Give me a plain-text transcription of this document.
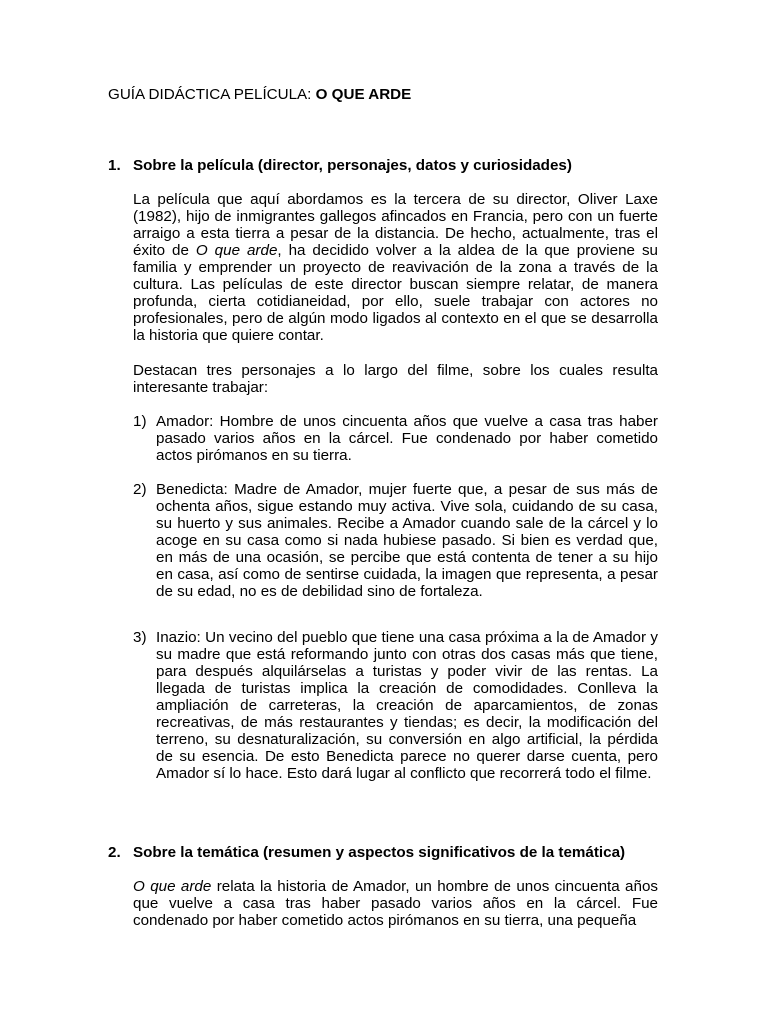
GUÍA DIDÁCTICA PELÍCULA: O QUE ARDE
1. Sobre la película (director, personajes, datos y curiosidades)

La película que aquí abordamos es la tercera de su director, Oliver Laxe (1982), hijo de inmigrantes gallegos afincados en Francia, pero con un fuerte arraigo a esta tierra a pesar de la distancia. De hecho, actualmente, tras el éxito de O que arde, ha decidido volver a la aldea de la que proviene su familia y emprender un proyecto de reavivación de la zona a través de la cultura. Las películas de este director buscan siempre relatar, de manera profunda, cierta cotidianeidad, por ello, suele trabajar con actores no profesionales, pero de algún modo ligados al contexto en el que se desarrolla la historia que quiere contar.

Destacan tres personajes a lo largo del filme, sobre los cuales resulta interesante trabajar:

1) Amador: Hombre de unos cincuenta años que vuelve a casa tras haber pasado varios años en la cárcel. Fue condenado por haber cometido actos pirómanos en su tierra.
2) Benedicta: Madre de Amador, mujer fuerte que, a pesar de sus más de ochenta años, sigue estando muy activa. Vive sola, cuidando de su casa, su huerto y sus animales. Recibe a Amador cuando sale de la cárcel y lo acoge en su casa como si nada hubiese pasado. Si bien es verdad que, en más de una ocasión, se percibe que está contenta de tener a su hijo en casa, así como de sentirse cuidada, la imagen que representa, a pesar de su edad, no es de debilidad sino de fortaleza.
3) Inazio: Un vecino del pueblo que tiene una casa próxima a la de Amador y su madre que está reformando junto con otras dos casas más que tiene, para después alquilárselas a turistas y poder vivir de las rentas. La llegada de turistas implica la creación de comodidades. Conlleva la ampliación de carreteras, la creación de aparcamientos, de zonas recreativas, de más restaurantes y tiendas; es decir, la modificación del terreno, su desnaturalización, su conversión en algo artificial, la pérdida de su esencia. De esto Benedicta parece no querer darse cuenta, pero Amador sí lo hace. Esto dará lugar al conflicto que recorrerá todo el filme.
2. Sobre la temática (resumen y aspectos significativos de la temática)

O que arde relata la historia de Amador, un hombre de unos cincuenta años que vuelve a casa tras haber pasado varios años en la cárcel. Fue condenado por haber cometido actos pirómanos en su tierra, una pequeña
